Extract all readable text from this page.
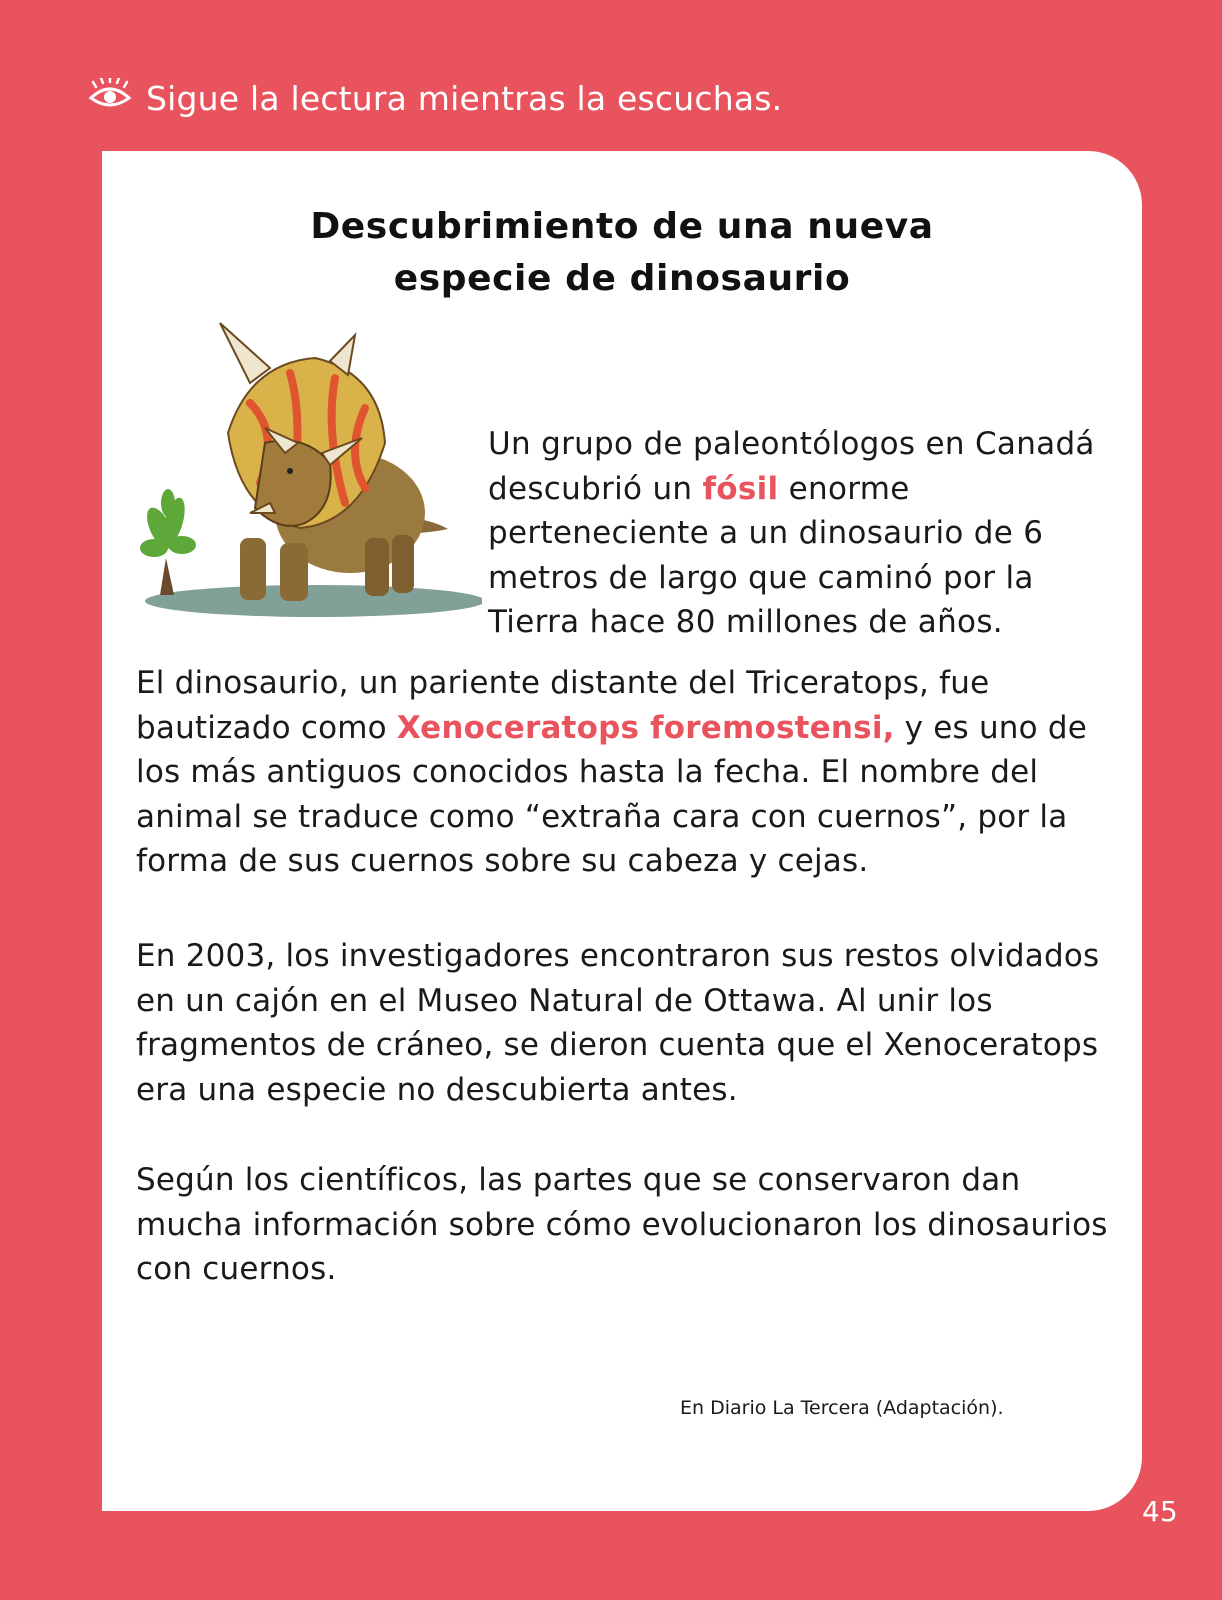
Sigue la lectura mientras la escuchas.
Descubrimiento de una nueva
especie de dinosaurio

Un grupo de paleontólogos en Canadá descubrió un fósil enorme perteneciente a un dinosaurio de 6 metros de largo que caminó por la Tierra hace 80 millones de años.

El dinosaurio, un pariente distante del Triceratops, fue bautizado como Xenoceratops foremostensi, y es uno de los más antiguos conocidos hasta la fecha. El nombre del animal se traduce como “extraña cara con cuernos”, por la forma de sus cuernos sobre su cabeza y cejas.

En 2003, los investigadores encontraron sus restos olvidados en un cajón en el Museo Natural de Ottawa. Al unir los fragmentos de cráneo, se dieron cuenta que el Xenoceratops era una especie no descubierta antes.

Según los científicos, las partes que se conservaron dan mucha información sobre cómo evolucionaron los dinosaurios con cuernos.

En Diario La Tercera (Adaptación).
45
